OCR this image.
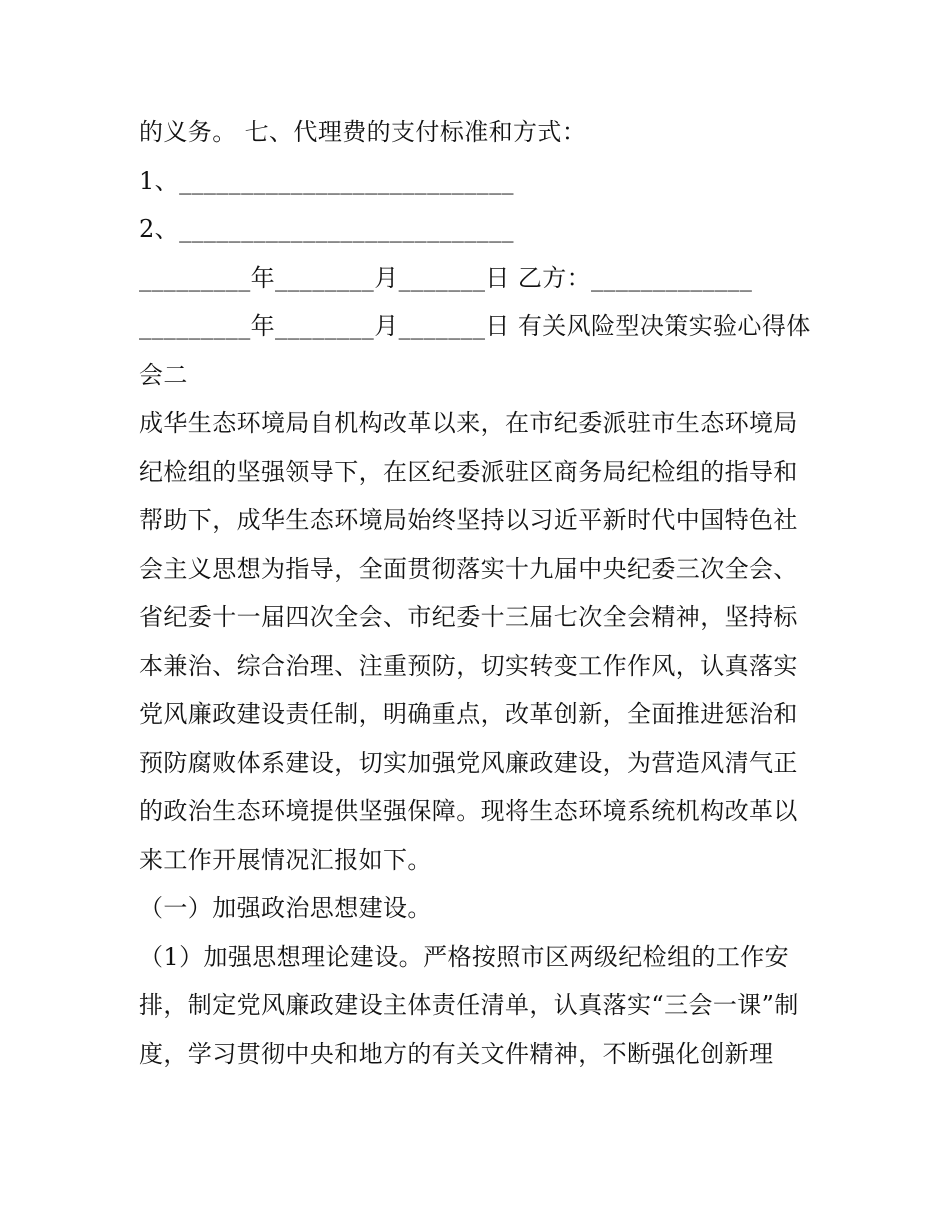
的义务。 七、代理费的支付标准和方式：
1、___________________________
2、___________________________
_________年________月_______日 乙方：_____________
_________年________月_______日 有关风险型决策实验心得体
会二
成华生态环境局自机构改革以来，在市纪委派驻市生态环境局
纪检组的坚强领导下，在区纪委派驻区商务局纪检组的指导和
帮助下，成华生态环境局始终坚持以习近平新时代中国特色社
会主义思想为指导，全面贯彻落实十九届中央纪委三次全会、
省纪委十一届四次全会、市纪委十三届七次全会精神，坚持标
本兼治、综合治理、注重预防，切实转变工作作风，认真落实
党风廉政建设责任制，明确重点，改革创新，全面推进惩治和
预防腐败体系建设，切实加强党风廉政建设，为营造风清气正
的政治生态环境提供坚强保障。现将生态环境系统机构改革以
来工作开展情况汇报如下。
（一）加强政治思想建设。
（1）加强思想理论建设。严格按照市区两级纪检组的工作安
排，制定党风廉政建设主体责任清单，认真落实“三会一课”制
度，学习贯彻中央和地方的有关文件精神，不断强化创新理
